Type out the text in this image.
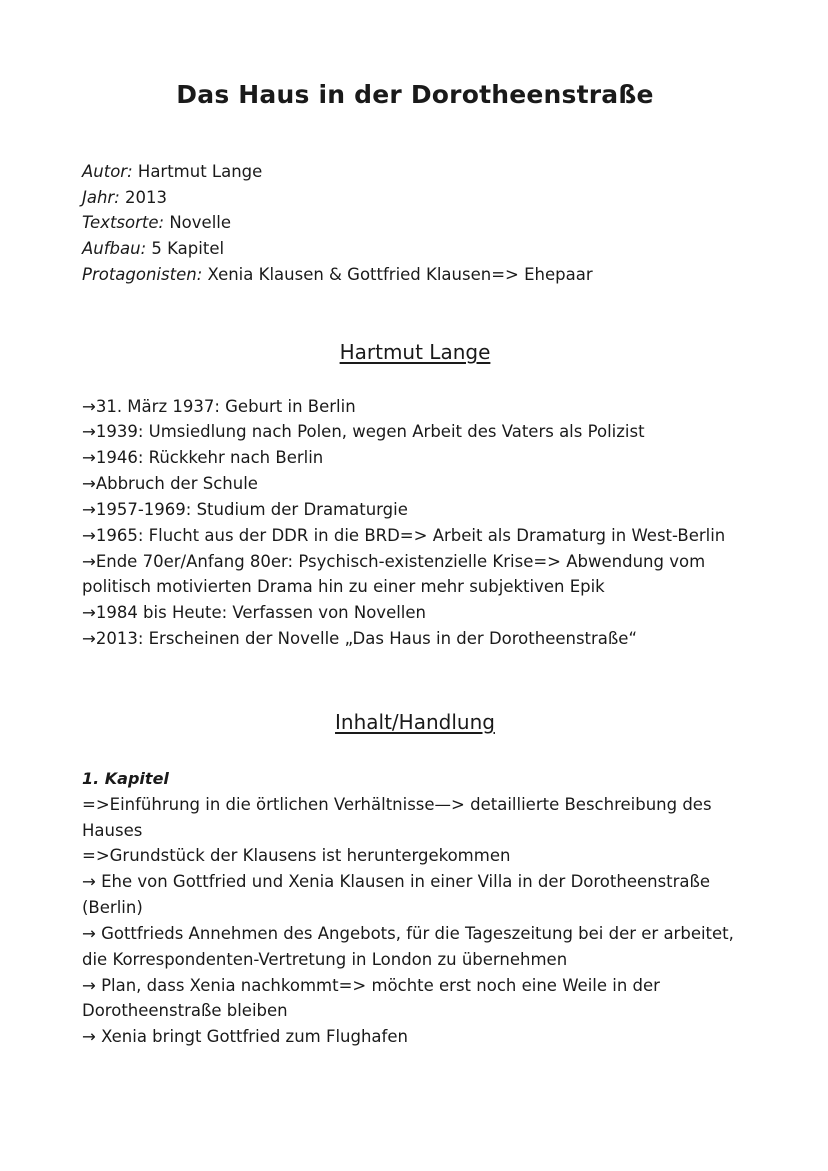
Das Haus in der Dorotheenstraße
Autor: Hartmut Lange
Jahr: 2013
Textsorte: Novelle
Aufbau: 5 Kapitel
Protagonisten: Xenia Klausen & Gottfried Klausen=> Ehepaar
Hartmut Lange

→31. März 1937: Geburt in Berlin

→1939: Umsiedlung nach Polen, wegen Arbeit des Vaters als Polizist

→1946: Rückkehr nach Berlin

→Abbruch der Schule

→1957-1969: Studium der Dramaturgie

→1965: Flucht aus der DDR in die BRD=> Arbeit als Dramaturg in West-Berlin

→Ende 70er/Anfang 80er: Psychisch-existenzielle Krise=> Abwendung vom politisch motivierten Drama hin zu einer mehr subjektiven Epik

→1984 bis Heute: Verfassen von Novellen

→2013: Erscheinen der Novelle „Das Haus in der Dorotheenstraße“

Inhalt/Handlung
1. Kapitel

=>Einführung in die örtlichen Verhältnisse—> detaillierte Beschreibung des Hauses

=>Grundstück der Klausens ist heruntergekommen

→ Ehe von Gottfried und Xenia Klausen in einer Villa in der Dorotheenstraße (Berlin)

→ Gottfrieds Annehmen des Angebots, für die Tageszeitung bei der er arbeitet, die Korrespondenten-Vertretung in London zu übernehmen

→ Plan, dass Xenia nachkommt=> möchte erst noch eine Weile in der Dorotheenstraße bleiben

→ Xenia bringt Gottfried zum Flughafen
